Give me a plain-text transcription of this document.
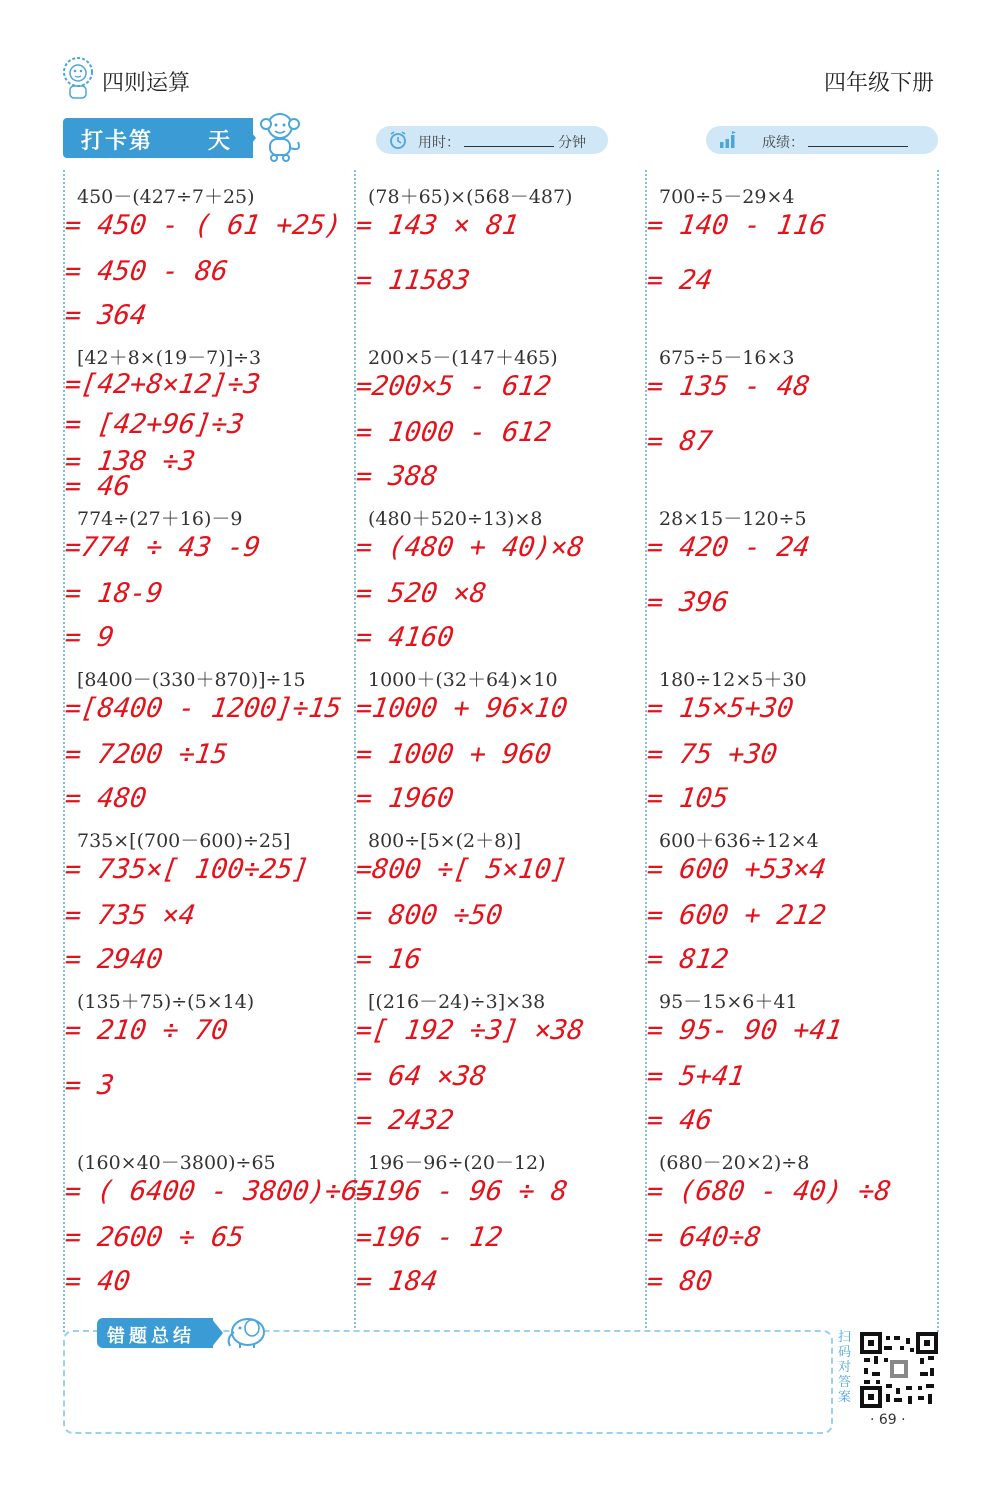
四则运算	四年级下册
打卡第 天	用时：	分钟	成绩：
450－(427÷7＋25)
= 450 - ( 61 +25)
= 450 - 86
= 364
[42＋8×(19－7)]÷3
=[42+8×12]÷3
= [42+96]÷3
= 138 ÷3
= 46
774÷(27＋16)－9
=774 ÷ 43 -9
= 18-9
= 9
[8400－(330＋870)]÷15
=[8400 - 1200]÷15
= 7200 ÷15
= 480
735×[(700－600)÷25]
= 735×[ 100÷25]
= 735 ×4
= 2940
(135＋75)÷(5×14)
= 210 ÷ 70
= 3
(160×40－3800)÷65
= ( 6400 - 3800)÷65
= 2600 ÷ 65
= 40
(78＋65)×(568－487)
= 143 × 81
= 11583
200×5－(147＋465)
=200×5 - 612
= 1000 - 612
= 388
(480＋520÷13)×8
= (480 + 40)×8
= 520 ×8
= 4160
1000＋(32＋64)×10
=1000 + 96×10
= 1000 + 960
= 1960
800÷[5×(2＋8)]
=800 ÷[ 5×10]
= 800 ÷50
= 16
[(216－24)÷3]×38
=[ 192 ÷3] ×38
= 64 ×38
= 2432
196－96÷(20－12)
=196 - 96 ÷ 8
=196 - 12
= 184
700÷5－29×4
= 140 - 116
= 24
675÷5－16×3
= 135 - 48
= 87
28×15－120÷5
= 420 - 24
= 396
180÷12×5＋30
= 15×5+30
= 75 +30
= 105
600＋636÷12×4
= 600 +53×4
= 600 + 212
= 812
95－15×6＋41
= 95- 90 +41
= 5+41
= 46
(680－20×2)÷8
= (680 - 40) ÷8
= 640÷8
= 80
错题总结	扫码对答案
· 69 ·
